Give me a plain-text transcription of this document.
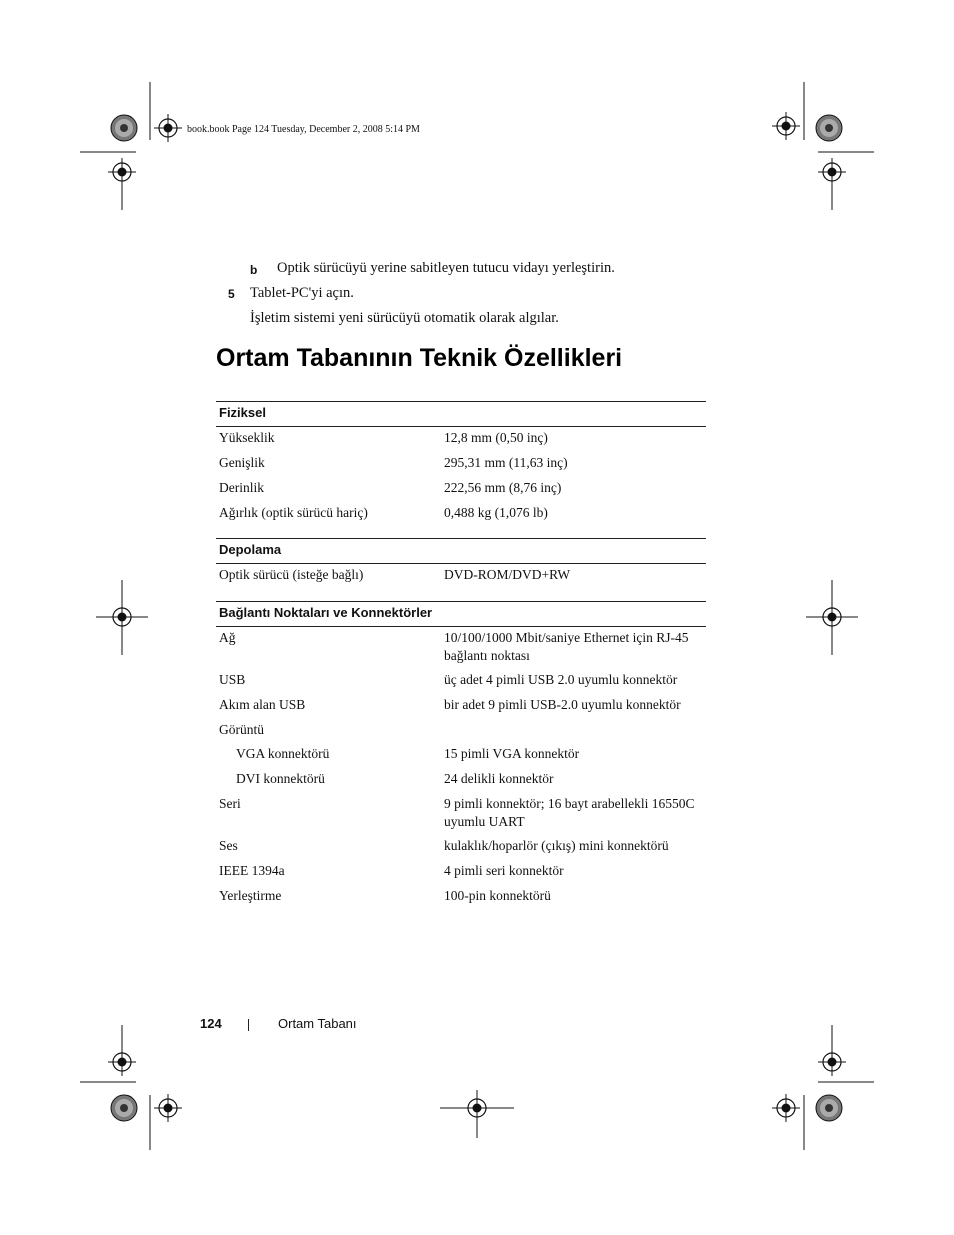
book.book Page 124 Tuesday, December 2, 2008 5:14 PM
b Optik sürücüyü yerine sabitleyen tutucu vidayı yerleştirin.
5 Tablet-PC'yi açın.
İşletim sistemi yeni sürücüyü otomatik olarak algılar.
Ortam Tabanının Teknik Özellikleri
Fiziksel
Yükseklik	12,8 mm (0,50 inç)
Genişlik	295,31 mm (11,63 inç)
Derinlik	222,56 mm (8,76 inç)
Ağırlık (optik sürücü hariç)	0,488 kg (1,076 lb)
Depolama
Optik sürücü (isteğe bağlı)	DVD-ROM/DVD+RW
Bağlantı Noktaları ve Konnektörler
Ağ	10/100/1000 Mbit/saniye Ethernet için RJ-45 bağlantı noktası
USB	üç adet 4 pimli USB 2.0 uyumlu konnektör
Akım alan USB	bir adet 9 pimli USB-2.0 uyumlu konnektör
Görüntü
VGA konnektörü	15 pimli VGA konnektör
DVI konnektörü	24 delikli konnektör
Seri	9 pimli konnektör; 16 bayt arabellekli 16550C uyumlu UART
Ses	kulaklık/hoparlör (çıkış) mini konnektörü
IEEE 1394a	4 pimli seri konnektör
Yerleştirme	100-pin konnektörü
124	Ortam Tabanı
